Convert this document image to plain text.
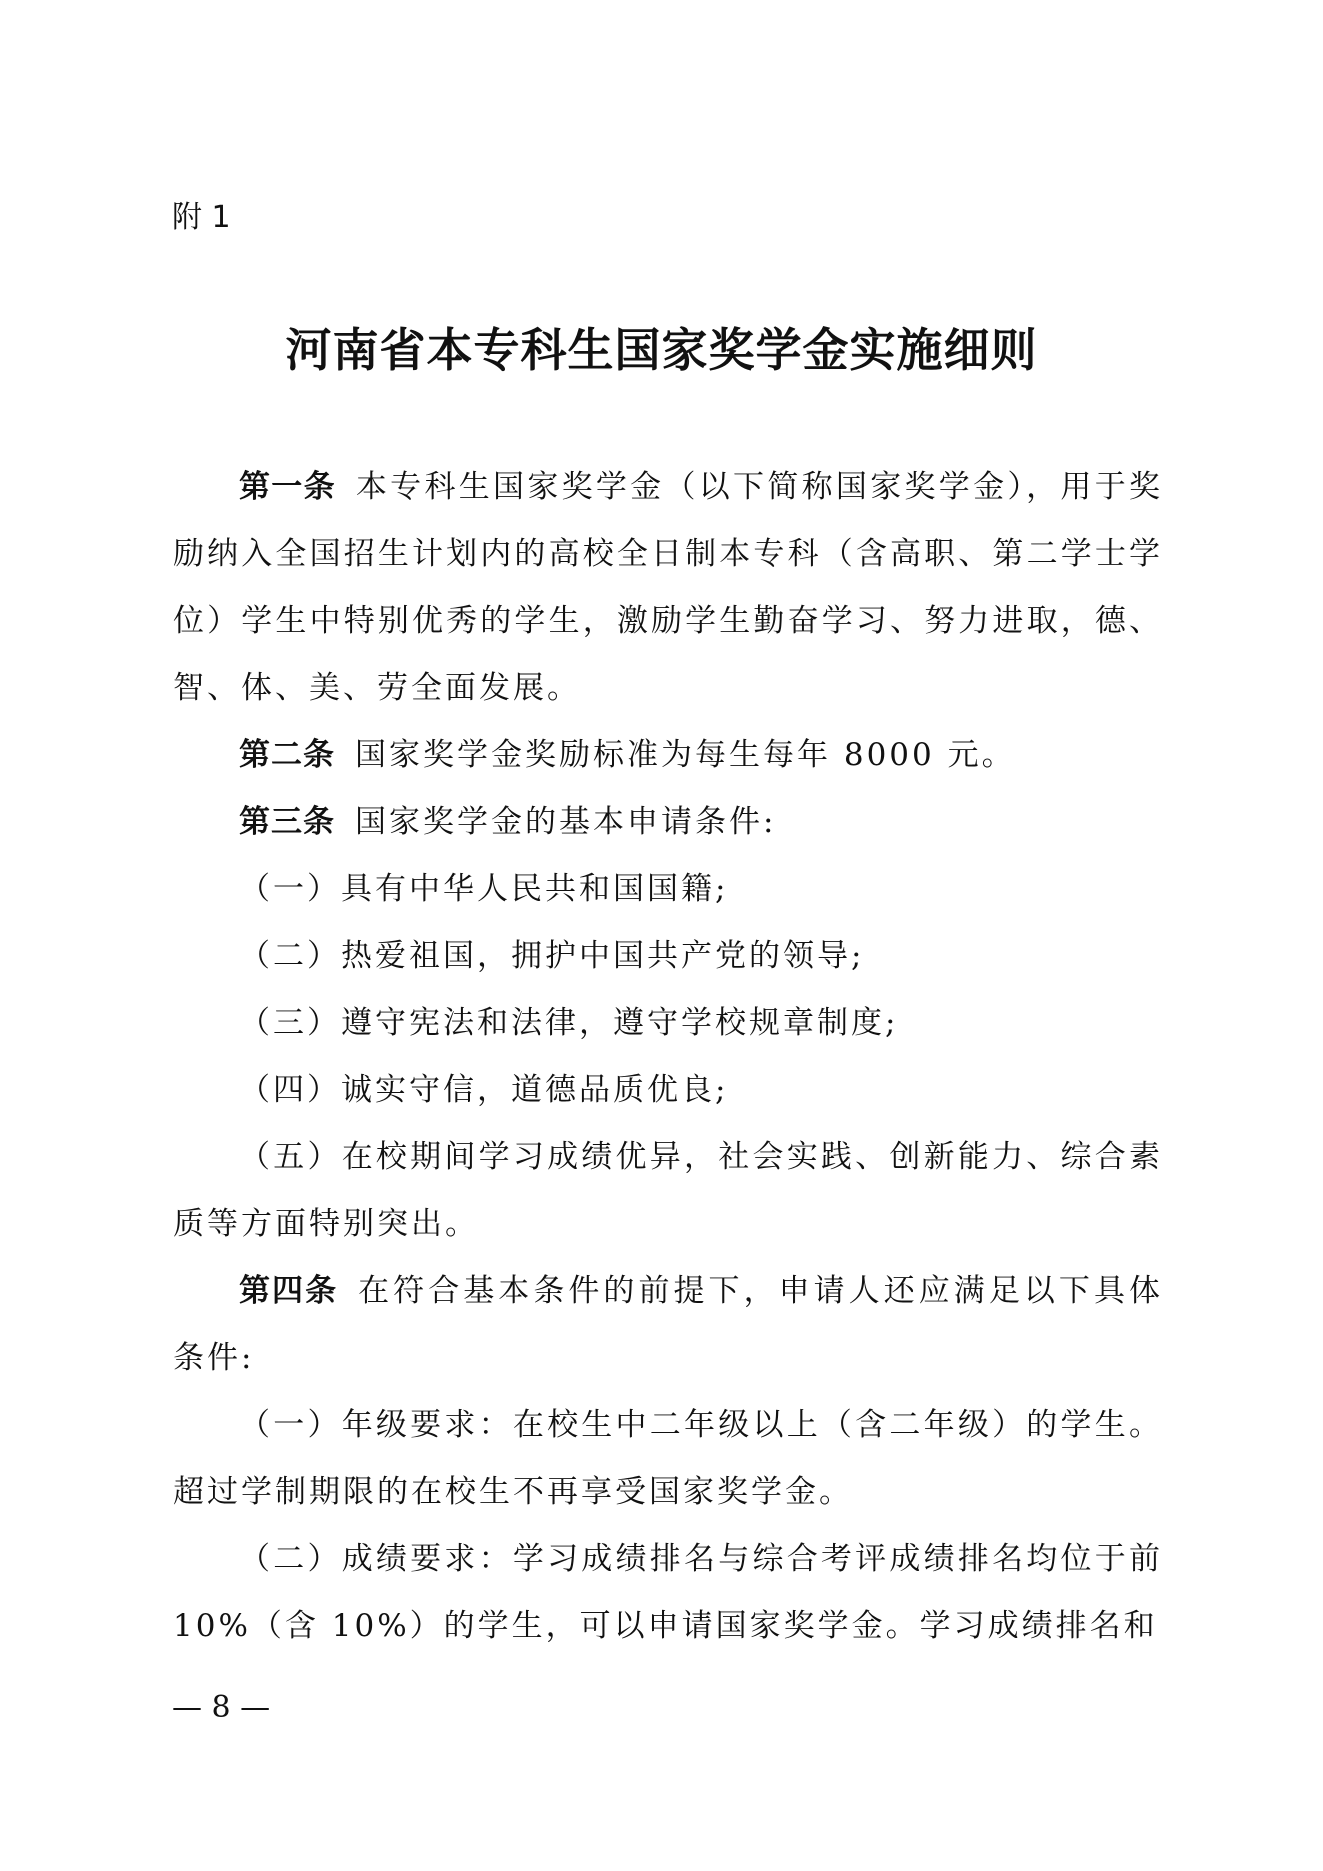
附 1

河南省本专科生国家奖学金实施细则

第一条 本专科生国家奖学金（以下简称国家奖学金），用于奖励纳入全国招生计划内的高校全日制本专科（含高职、第二学士学位）学生中特别优秀的学生，激励学生勤奋学习、努力进取，德、智、体、美、劳全面发展。

第二条 国家奖学金奖励标准为每生每年 8000 元。

第三条 国家奖学金的基本申请条件:

（一）具有中华人民共和国国籍;

（二）热爱祖国，拥护中国共产党的领导;

（三）遵守宪法和法律，遵守学校规章制度;

（四）诚实守信，道德品质优良;

（五）在校期间学习成绩优异，社会实践、创新能力、综合素质等方面特别突出。

第四条 在符合基本条件的前提下，申请人还应满足以下具体条件:

（一）年级要求：在校生中二年级以上（含二年级）的学生。超过学制期限的在校生不再享受国家奖学金。

（二）成绩要求：学习成绩排名与综合考评成绩排名均位于前 10%（含 10%）的学生，可以申请国家奖学金。学习成绩排名和

— 8 —
